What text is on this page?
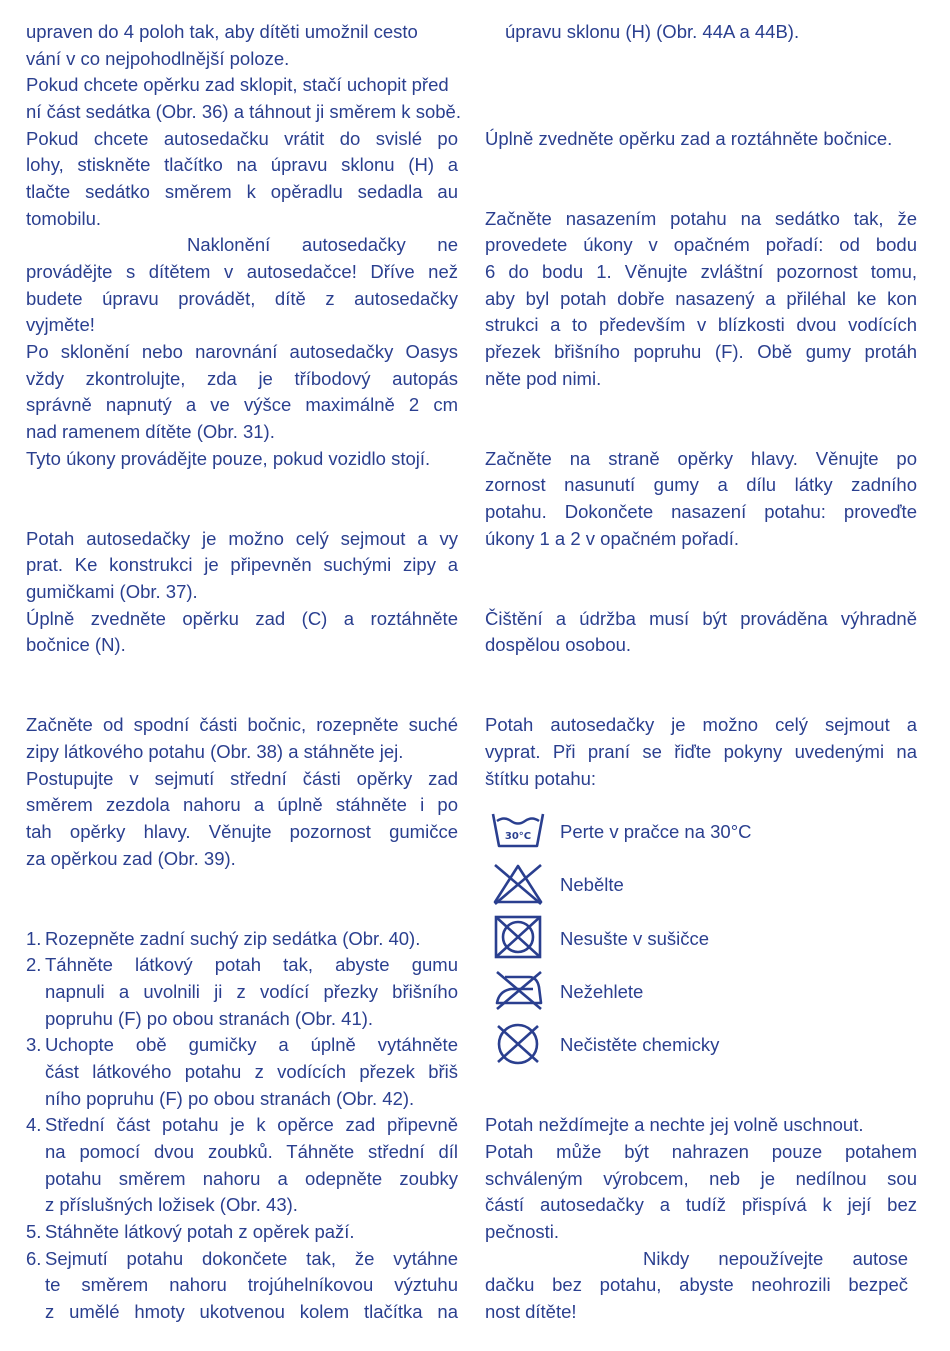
upraven do 4 poloh tak, aby dítěti umožnil cesto
vání v co nejpohodlnější poloze.
Pokud chcete opěrku zad sklopit, stačí uchopit před
ní část sedátka (Obr. 36) a táhnout ji směrem k sobě.
Pokud chcete autosedačku vrátit do svislé po
lohy, stiskněte tlačítko na úpravu sklonu (H) a
tlačte sedátko směrem k opěradlu sedadla au
tomobilu.
Naklonění autosedačky ne
provádějte s dítětem v autosedačce! Dříve než
budete úpravu provádět, dítě z autosedačky
vyjměte!
Po sklonění nebo narovnání autosedačky Oasys
vždy zkontrolujte, zda je tříbodový autopás
správně napnutý a ve výšce maximálně 2 cm
nad ramenem dítěte (Obr. 31).
Tyto úkony provádějte pouze, pokud vozidlo stojí.
Potah autosedačky je možno celý sejmout a vy
prat. Ke konstrukci je připevněn suchými zipy a
gumičkami (Obr. 37).
Úplně zvedněte opěrku zad (C) a roztáhněte
bočnice (N).
Začněte od spodní části bočnic, rozepněte suché
zipy látkového potahu (Obr. 38) a stáhněte jej.
Postupujte v sejmutí střední části opěrky zad
směrem zezdola nahoru a úplně stáhněte i po
tah opěrky hlavy. Věnujte pozornost gumičce
za opěrkou zad (Obr. 39).
1. Rozepněte zadní suchý zip sedátka (Obr. 40).
2. Táhněte látkový potah tak, abyste gumu
napnuli a uvolnili ji z vodící přezky břišního
popruhu (F) po obou stranách (Obr. 41).
3. Uchopte obě gumičky a úplně vytáhněte
část látkového potahu z vodících přezek břiš
ního popruhu (F) po obou stranách (Obr. 42).
4. Střední část potahu je k opěrce zad připevně
na pomocí dvou zoubků. Táhněte střední díl
potahu směrem nahoru a odepněte zoubky
z příslušných ložisek (Obr. 43).
5. Stáhněte látkový potah z opěrek paží.
6. Sejmutí potahu dokončete tak, že vytáhne
te směrem nahoru trojúhelníkovou výztuhu
z umělé hmoty ukotvenou kolem tlačítka na
úpravu sklonu (H) (Obr. 44A a 44B).
Úplně zvedněte opěrku zad a roztáhněte bočnice.
Začněte nasazením potahu na sedátko tak, že
provedete úkony v opačném pořadí: od bodu
6 do bodu 1. Věnujte zvláštní pozornost tomu,
aby byl potah dobře nasazený a přiléhal ke kon
strukci a to především v blízkosti dvou vodících
přezek břišního popruhu (F). Obě gumy protáh
něte pod nimi.
Začněte na straně opěrky hlavy. Věnujte po
zornost nasunutí gumy a dílu látky zadního
potahu. Dokončete nasazení potahu: proveďte
úkony 1 a 2 v opačném pořadí.
Čištění a údržba musí být prováděna výhradně
dospělou osobou.
Potah autosedačky je možno celý sejmout a
vyprat. Při praní se řiďte pokyny uvedenými na
štítku potahu:
30°C Perte v pračce na 30°C
Nebělte
Nesušte v sušičce
Nežehlete
Nečistěte chemicky
Potah neždímejte a nechte jej volně uschnout.
Potah může být nahrazen pouze potahem
schváleným výrobcem, neb je nedílnou sou
částí autosedačky a tudíž přispívá k její bez
pečnosti.
Nikdy nepoužívejte autose
dačku bez potahu, abyste neohrozili bezpeč
nost dítěte!
